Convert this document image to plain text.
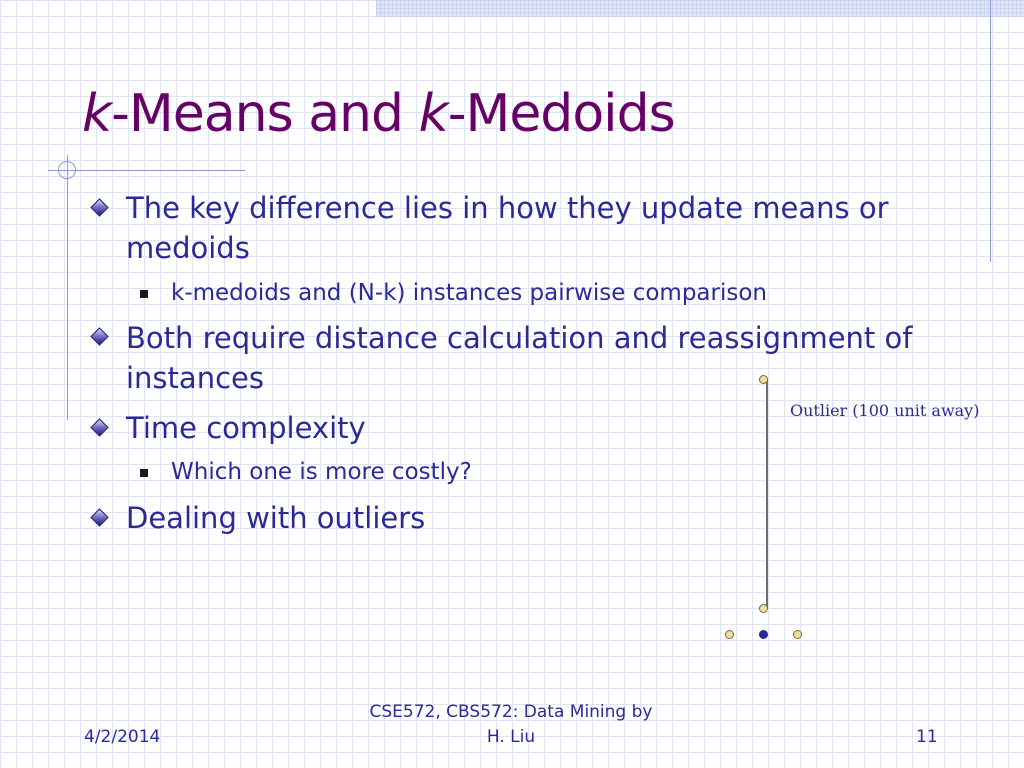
k-Means and k-Medoids
The key difference lies in how they update means or medoids
k-medoids and (N-k) instances pairwise comparison
Both require distance calculation and reassignment of instances
Time complexity
Which one is more costly?
Dealing with outliers
Outlier (100 unit away)
4/2/2014
CSE572, CBS572: Data Mining by
H. Liu	11
